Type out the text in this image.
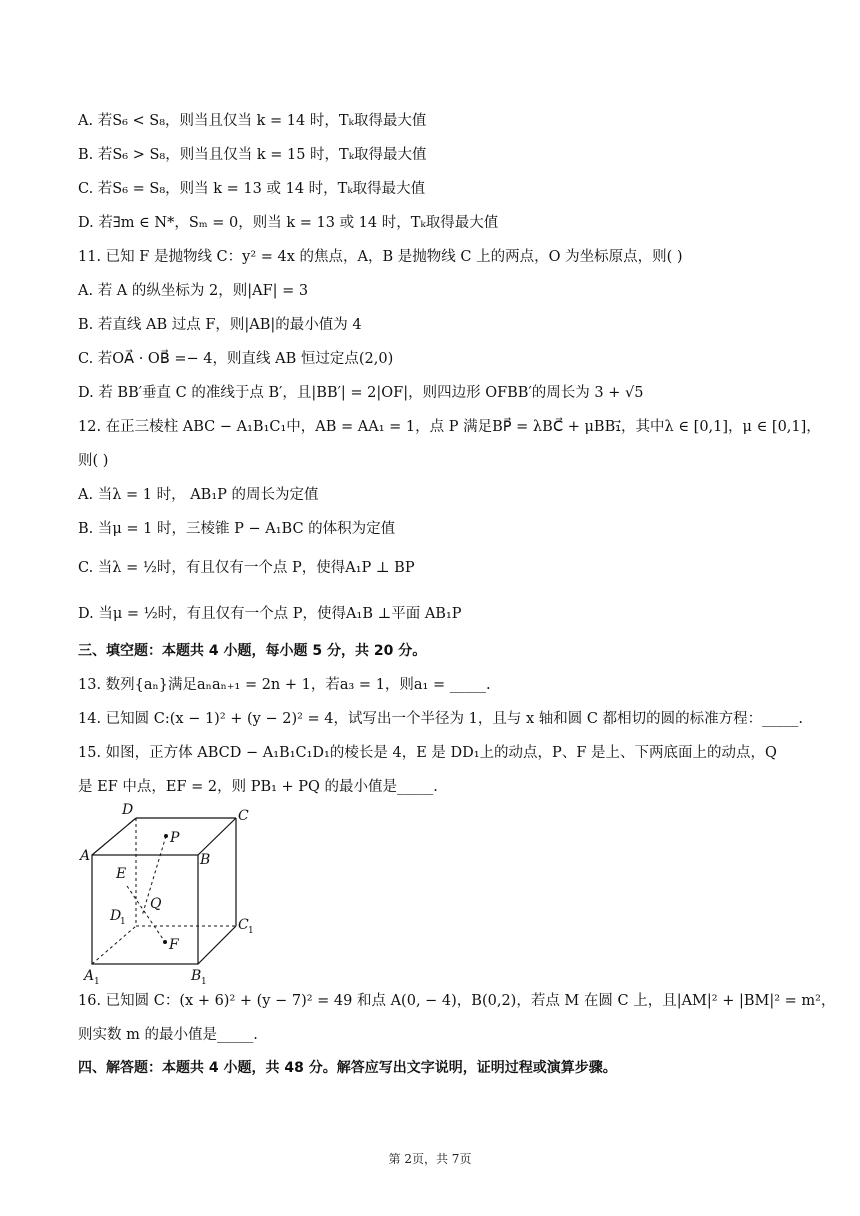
A. 若S₆ < S₈，则当且仅当 k = 14 时，Tₖ取得最大值
B. 若S₆ > S₈，则当且仅当 k = 15 时，Tₖ取得最大值
C. 若S₆ = S₈，则当 k = 13 或 14 时，Tₖ取得最大值
D. 若∃m ∈ N*，Sₘ = 0，则当 k = 13 或 14 时，Tₖ取得最大值
11. 已知 F 是抛物线 C：y² = 4x 的焦点，A，B 是抛物线 C 上的两点，O 为坐标原点，则( )
A. 若 A 的纵坐标为 2，则|AF| = 3
B. 若直线 AB 过点 F，则|AB|的最小值为 4
C. 若OA⃗ · OB⃗ =− 4，则直线 AB 恒过定点(2,0)
D. 若 BB′垂直 C 的准线于点 B′，且|BB′| = 2|OF|，则四边形 OFBB′的周长为 3 + √5
12. 在正三棱柱 ABC − A₁B₁C₁中，AB = AA₁ = 1，点 P 满足BP⃗ = λBC⃗ + μBB₁⃗，其中λ ∈ [0,1]，μ ∈ [0,1]，
则( )
A. 当λ = 1 时， AB₁P 的周长为定值
B. 当μ = 1 时，三棱锥 P − A₁BC 的体积为定值
C. 当λ = ½时，有且仅有一个点 P，使得A₁P ⊥ BP
D. 当μ = ½时，有且仅有一个点 P，使得A₁B ⊥平面 AB₁P
三、填空题：本题共 4 小题，每小题 5 分，共 20 分。
13. 数列{aₙ}满足aₙaₙ₊₁ = 2n + 1，若a₃ = 1，则a₁ = _____.
14. 已知圆 C:(x − 1)² + (y − 2)² = 4，试写出一个半径为 1，且与 x 轴和圆 C 都相切的圆的标准方程：_____.
15. 如图，正方体 ABCD − A₁B₁C₁D₁的棱长是 4，E 是 DD₁上的动点，P、F 是上、下两底面上的动点，Q
是 EF 中点，EF = 2，则 PB₁ + PQ 的最小值是_____.
D	C
A	B
P
E
Q
D
1	C 1
F
A 1	B 1
16. 已知圆 C：(x + 6)² + (y − 7)² = 49 和点 A(0, − 4)，B(0,2)，若点 M 在圆 C 上，且|AM|² + |BM|² = m²，
则实数 m 的最小值是_____.
四、解答题：本题共 4 小题，共 48 分。解答应写出文字说明，证明过程或演算步骤。
第 2页，共 7页
